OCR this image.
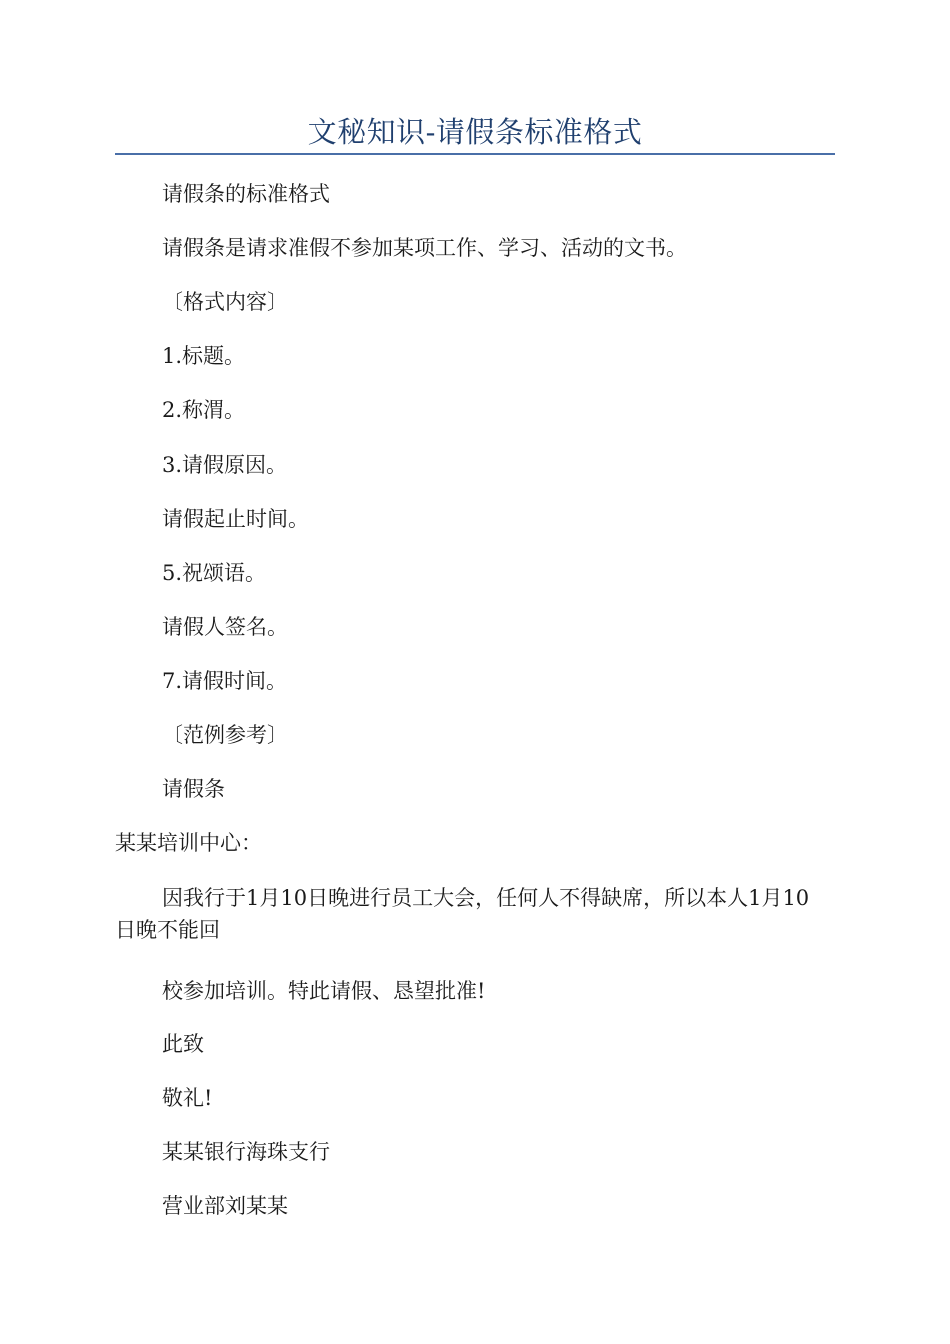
文秘知识-请假条标准格式
请假条的标准格式
请假条是请求准假不参加某项工作、学习、活动的文书。
〔格式内容〕
1.标题。
2.称渭。
3.请假原因。
请假起止时间。
5.祝颂语。
请假人签名。
7.请假时间。
〔范例参考〕
请假条
某某培训中心：
因我行于1月10日晚进行员工大会，任何人不得缺席，所以本人1月10日晚不能回
校参加培训。特此请假、恳望批准!
此致
敬礼!
某某银行海珠支行
营业部刘某某
